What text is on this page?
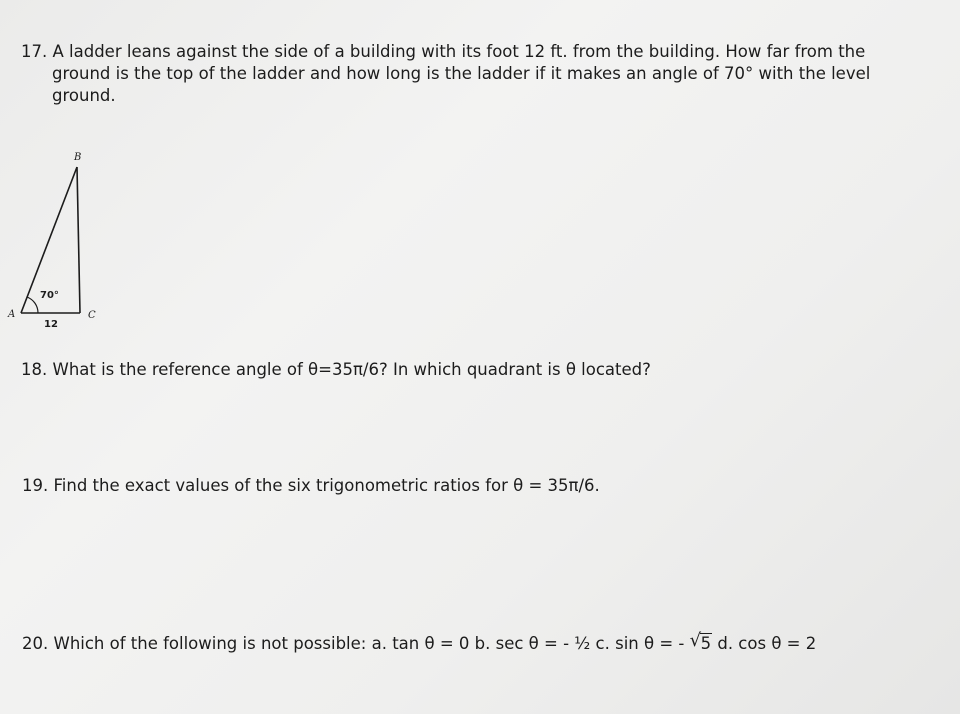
17. A ladder leans against the side of a building with its foot 12 ft. from the building. How far from the
ground is the top of the ladder and how long is the ladder if it makes an angle of 70° with the level
ground.
B
A	C
70°
12
18. What is the reference angle of θ=35π/6? In which quadrant is θ located?
19. Find the exact values of the six trigonometric ratios for θ = 35π/6.
20. Which of the following is not possible: a. tan θ = 0 b. sec θ = - ½ c. sin θ = - √ 5 d. cos θ = 2
